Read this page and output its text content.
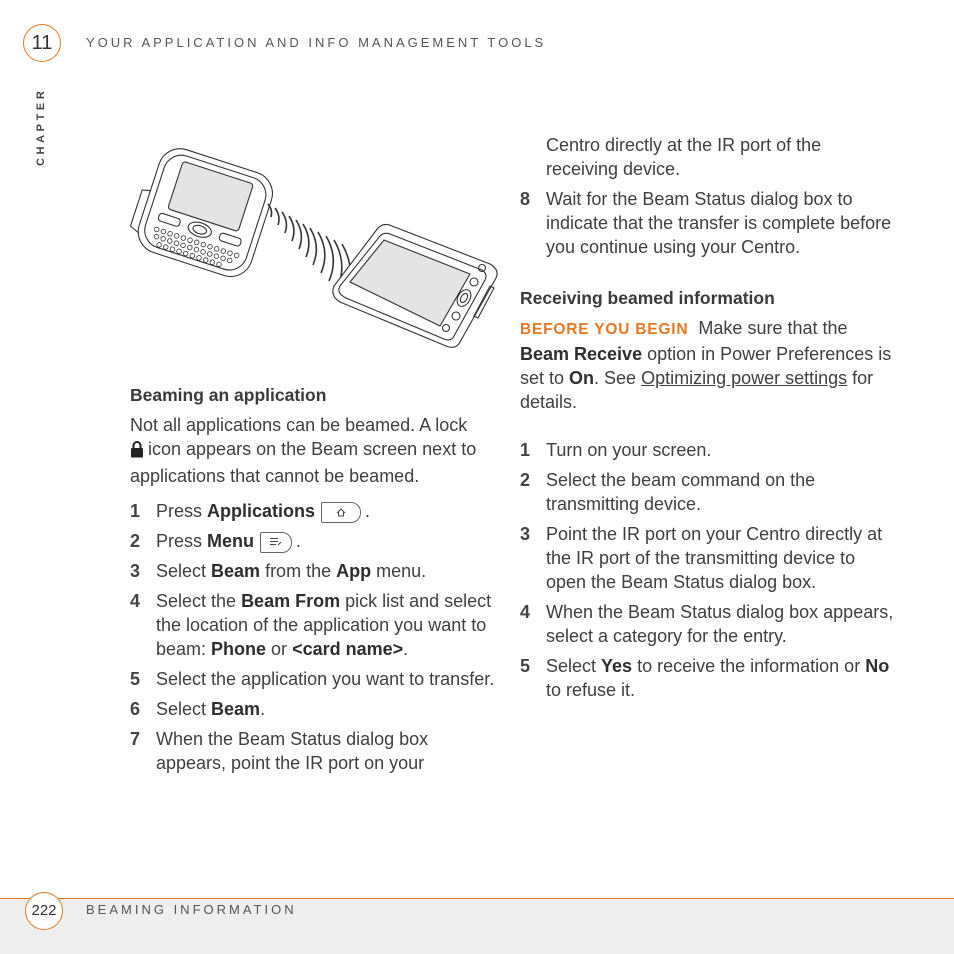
11	YOUR APPLICATION AND INFO MANAGEMENT TOOLS
CHAPTER
Beaming an application

Not all applications can be beamed. A lock
icon appears on the Beam screen next to applications that cannot be beamed.

1 Press Applications	.
2 Press Menu .
3 Select Beam from the App menu.
4 Select the Beam From pick list and select the location of the application you want to beam: Phone or <card name>.
5 Select the application you want to transfer.
6 Select Beam.
7 When the Beam Status dialog box appears, point the IR port on your

Centro directly at the IR port of the receiving device.

8 Wait for the Beam Status dialog box to indicate that the transfer is complete before you continue using your Centro.
Receiving beamed information

BEFORE YOU BEGIN Make sure that the
Beam Receive option in Power Preferences is set to On. See Optimizing power settings for details.

1 Turn on your screen.
2 Select the beam command on the transmitting device.
3 Point the IR port on your Centro directly at the IR port of the transmitting device to open the Beam Status dialog box.
4 When the Beam Status dialog box appears, select a category for the entry.
5 Select Yes to receive the information or No to refuse it.
222	BEAMING INFORMATION
